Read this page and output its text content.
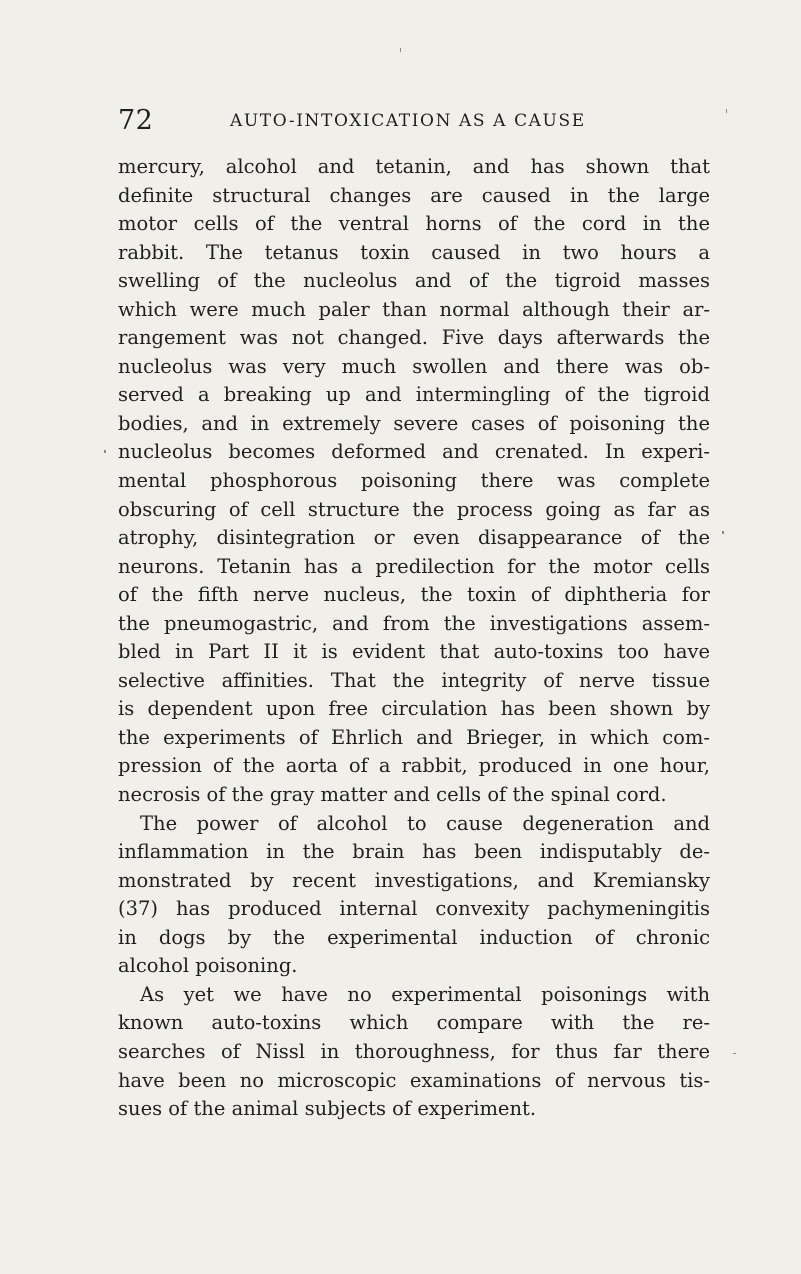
72	AUTO-INTOXICATION AS A CAUSE
mercury, alcohol and tetanin, and has shown that
definite structural changes are caused in the large
motor cells of the ventral horns of the cord in the
rabbit. The tetanus toxin caused in two hours a
swelling of the nucleolus and of the tigroid masses
which were much paler than normal although their ar-
rangement was not changed. Five days afterwards the
nucleolus was very much swollen and there was ob-
served a breaking up and intermingling of the tigroid
bodies, and in extremely severe cases of poisoning the
nucleolus becomes deformed and crenated. In experi-
mental phosphorous poisoning there was complete
obscuring of cell structure the process going as far as
atrophy, disintegration or even disappearance of the
neurons. Tetanin has a predilection for the motor cells
of the fifth nerve nucleus, the toxin of diphtheria for
the pneumogastric, and from the investigations assem-
bled in Part II it is evident that auto-toxins too have
selective affinities. That the integrity of nerve tissue
is dependent upon free circulation has been shown by
the experiments of Ehrlich and Brieger, in which com-
pression of the aorta of a rabbit, produced in one hour,
necrosis of the gray matter and cells of the spinal cord.
The power of alcohol to cause degeneration and
inflammation in the brain has been indisputably de-
monstrated by recent investigations, and Kremiansky
(37) has produced internal convexity pachymeningitis
in dogs by the experimental induction of chronic
alcohol poisoning.
As yet we have no experimental poisonings with
known auto-toxins which compare with the re-
searches of Nissl in thoroughness, for thus far there
have been no microscopic examinations of nervous tis-
sues of the animal subjects of experiment.
